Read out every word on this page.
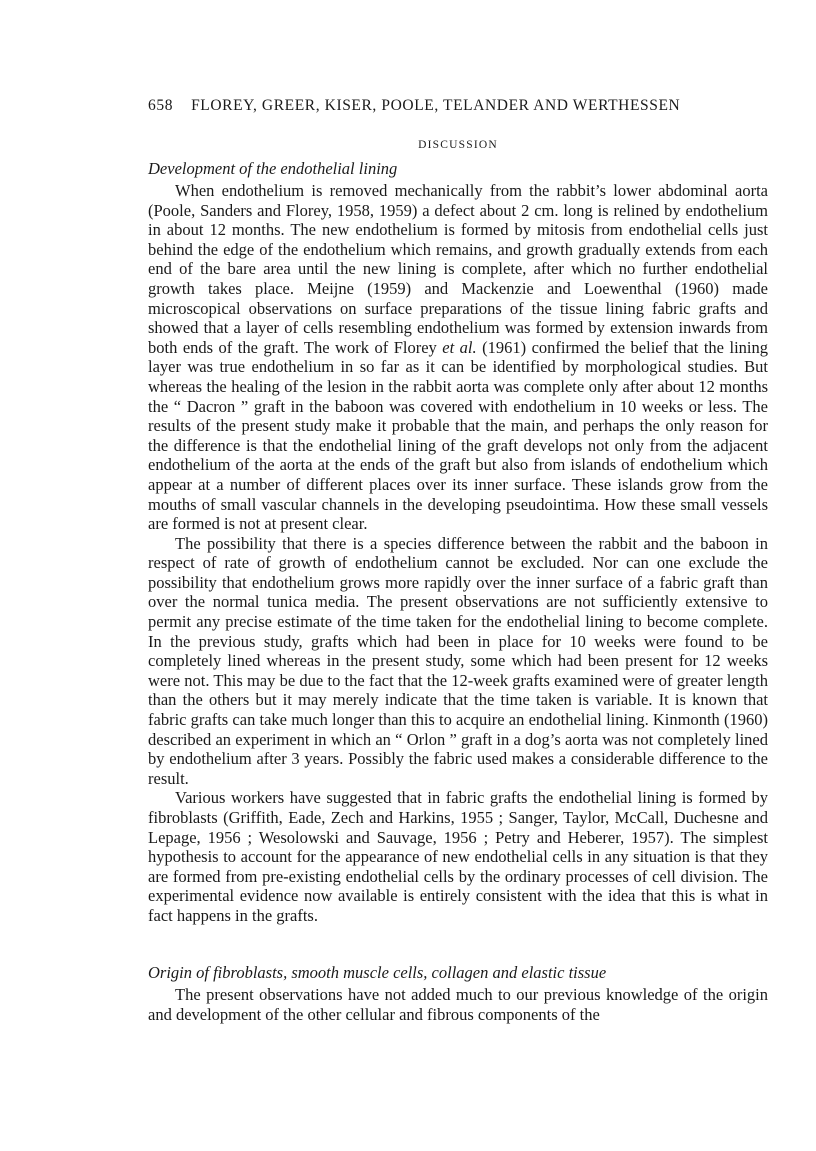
658 FLOREY, GREER, KISER, POOLE, TELANDER AND WERTHESSEN
DISCUSSION
Development of the endothelial lining

When endothelium is removed mechanically from the rabbit’s lower abdominal aorta (Poole, Sanders and Florey, 1958, 1959) a defect about 2 cm. long is relined by endothelium in about 12 months. The new endothelium is formed by mitosis from endothelial cells just behind the edge of the endothelium which remains, and growth gradually extends from each end of the bare area until the new lining is complete, after which no further endothelial growth takes place. Meijne (1959) and Mackenzie and Loewenthal (1960) made microscopical observations on surface preparations of the tissue lining fabric grafts and showed that a layer of cells resembling endothelium was formed by extension inwards from both ends of the graft. The work of Florey et al. (1961) confirmed the belief that the lining layer was true endothelium in so far as it can be identified by morphological studies. But whereas the healing of the lesion in the rabbit aorta was complete only after about 12 months the “ Dacron ” graft in the baboon was covered with endothelium in 10 weeks or less. The results of the present study make it probable that the main, and perhaps the only reason for the difference is that the endothelial lining of the graft develops not only from the adjacent endothelium of the aorta at the ends of the graft but also from islands of endothelium which appear at a number of different places over its inner surface. These islands grow from the mouths of small vascular channels in the developing pseudointima. How these small vessels are formed is not at present clear.

The possibility that there is a species difference between the rabbit and the baboon in respect of rate of growth of endothelium cannot be excluded. Nor can one exclude the possibility that endothelium grows more rapidly over the inner surface of a fabric graft than over the normal tunica media. The present observations are not sufficiently extensive to permit any precise estimate of the time taken for the endothelial lining to become complete. In the previous study, grafts which had been in place for 10 weeks were found to be completely lined whereas in the present study, some which had been present for 12 weeks were not. This may be due to the fact that the 12-week grafts examined were of greater length than the others but it may merely indicate that the time taken is variable. It is known that fabric grafts can take much longer than this to acquire an endothelial lining. Kinmonth (1960) described an experiment in which an “ Orlon ” graft in a dog’s aorta was not completely lined by endothelium after 3 years. Possibly the fabric used makes a considerable difference to the result.

Various workers have suggested that in fabric grafts the endothelial lining is formed by fibroblasts (Griffith, Eade, Zech and Harkins, 1955 ; Sanger, Taylor, McCall, Duchesne and Lepage, 1956 ; Wesolowski and Sauvage, 1956 ; Petry and Heberer, 1957). The simplest hypothesis to account for the appearance of new endothelial cells in any situation is that they are formed from pre-existing endothelial cells by the ordinary processes of cell division. The experimental evidence now available is entirely consistent with the idea that this is what in fact happens in the grafts.

Origin of fibroblasts, smooth muscle cells, collagen and elastic tissue

The present observations have not added much to our previous knowledge of the origin and development of the other cellular and fibrous components of the
